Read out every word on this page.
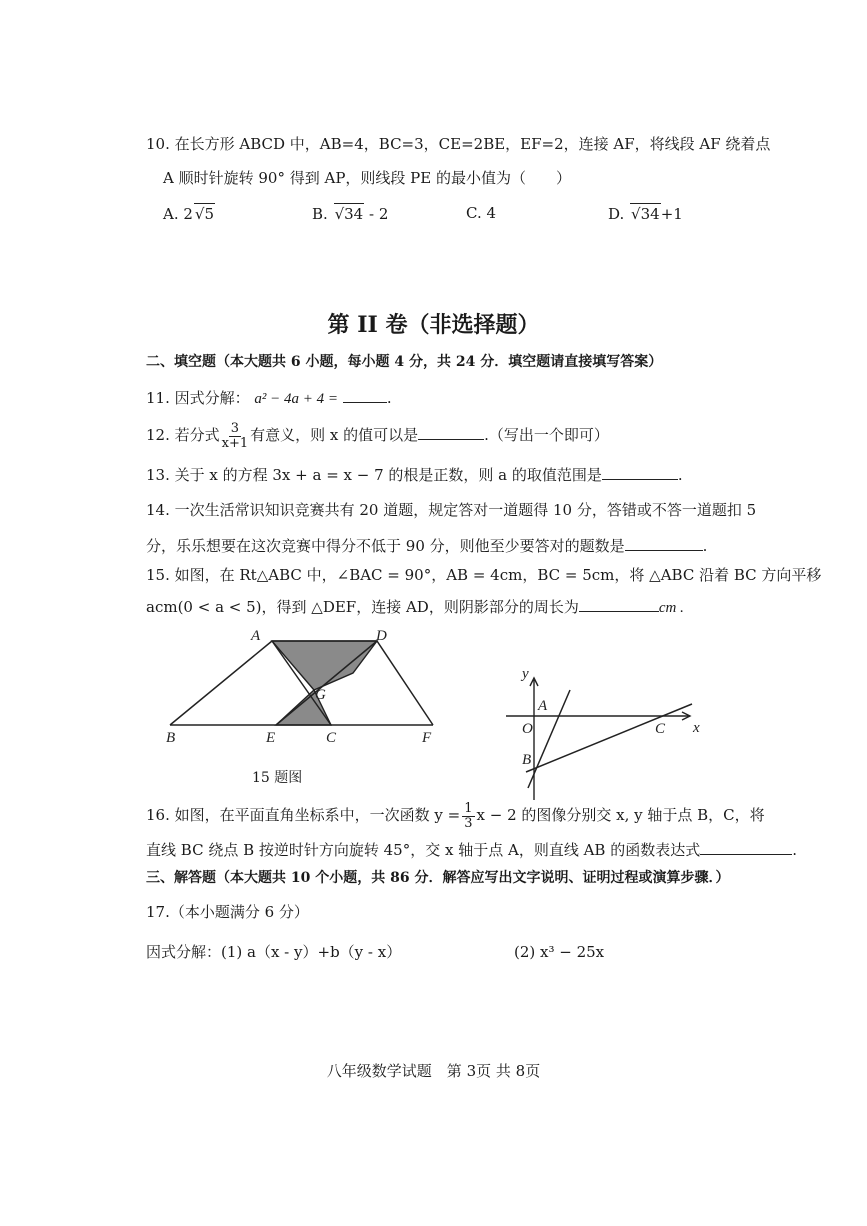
10. 在长方形 ABCD 中，AB=4，BC=3，CE=2BE，EF=2，连接 AF，将线段 AF 绕着点
A 顺时针旋转 90° 得到 AP，则线段 PE 的最小值为（　　）
A. 2 √5	B. √34 - 2	C. 4	D. √34+1
第 II 卷（非选择题）
二、填空题（本大题共 6 小题，每小题 4 分，共 24 分．填空题请直接填写答案）
11. 因式分解： a² − 4a + 4 =	.
12. 若分式 $\frac{3}{x+1}$ 有意义，则 x 的值可以是	.（写出一个即可）
13. 关于 x 的方程 3x + a = x − 7 的根是正数，则 a 的取值范围是	.
14. 一次生活常识知识竞赛共有 20 道题，规定答对一道题得 10 分，答错或不答一道题扣 5
分，乐乐想要在这次竞赛中得分不低于 90 分，则他至少要答对的题数是	.
15. 如图，在 Rt△ABC 中，∠BAC = 90°，AB = 4cm，BC = 5cm，将 △ABC 沿着 BC 方向平移
acm(0 < a < 5)，得到 △DEF，连接 AD，则阴影部分的周长为	cm .
A	D
G
B	E	C	F
15 题图
y
A
O	C x
B
16. 如图，在平面直角坐标系中，一次函数 $y = \frac{1}{3}$ x − 2 的图像分别交 x, y 轴于点 B，C，将
直线 BC 绕点 B 按逆时针方向旋转 45°，交 x 轴于点 A，则直线 AB 的函数表达式	.
三、解答题（本大题共 10 个小题，共 86 分．解答应写出文字说明、证明过程或演算步骤．）
17.（本小题满分 6 分）
因式分解：(1) a（x - y）+b（y - x）	(2) x³ − 25x
八年级数学试题　第 3页 共 8页
